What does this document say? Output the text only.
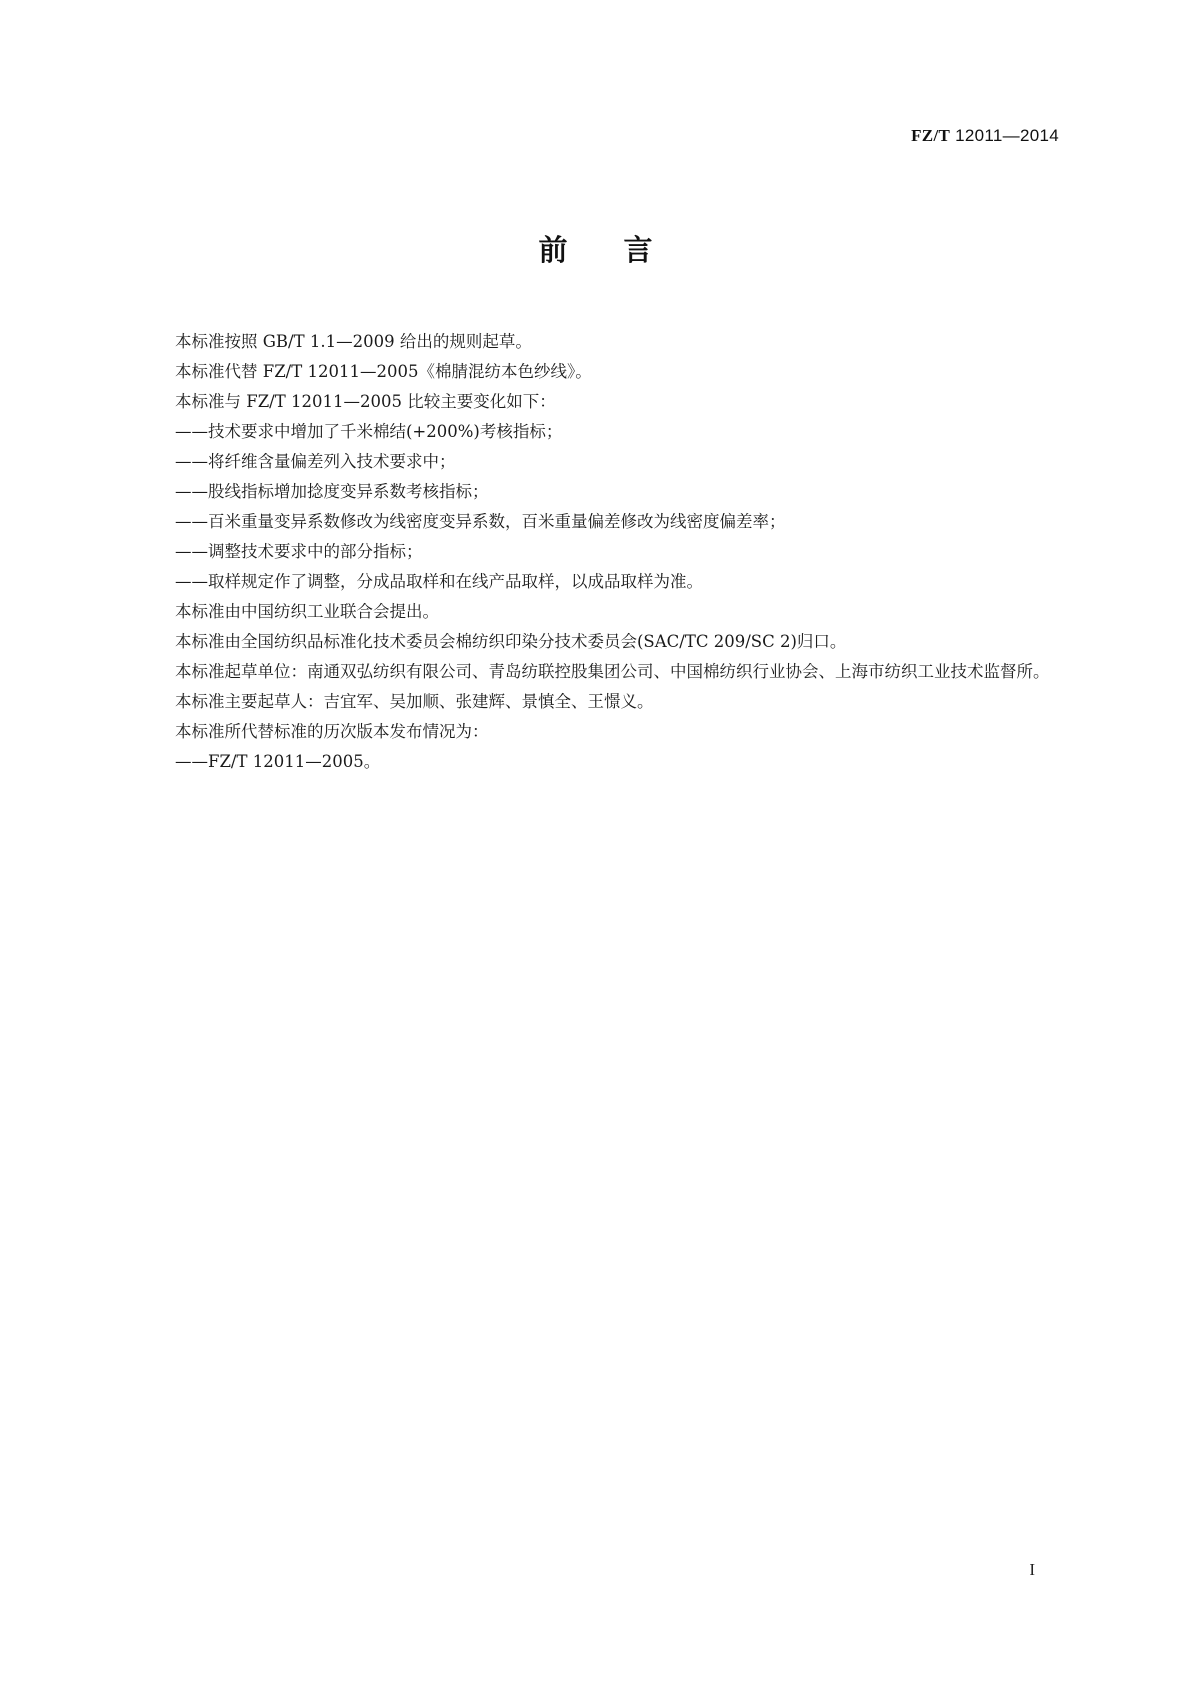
FZ/T 12011—2014
前言

本标准按照 GB/T 1.1—2009 给出的规则起草。

本标准代替 FZ/T 12011—2005《棉腈混纺本色纱线》。

本标准与 FZ/T 12011—2005 比较主要变化如下：

——技术要求中增加了千米棉结(+200%)考核指标；

——将纤维含量偏差列入技术要求中；

——股线指标增加捻度变异系数考核指标；

——百米重量变异系数修改为线密度变异系数，百米重量偏差修改为线密度偏差率；

——调整技术要求中的部分指标；

——取样规定作了调整，分成品取样和在线产品取样，以成品取样为准。

本标准由中国纺织工业联合会提出。

本标准由全国纺织品标准化技术委员会棉纺织印染分技术委员会(SAC/TC 209/SC 2)归口。

本标准起草单位：南通双弘纺织有限公司、青岛纺联控股集团公司、中国棉纺织行业协会、上海市纺织工业技术监督所。

本标准主要起草人：吉宜军、吴加顺、张建辉、景慎全、王憬义。

本标准所代替标准的历次版本发布情况为：

——FZ/T 12011—2005。

I
